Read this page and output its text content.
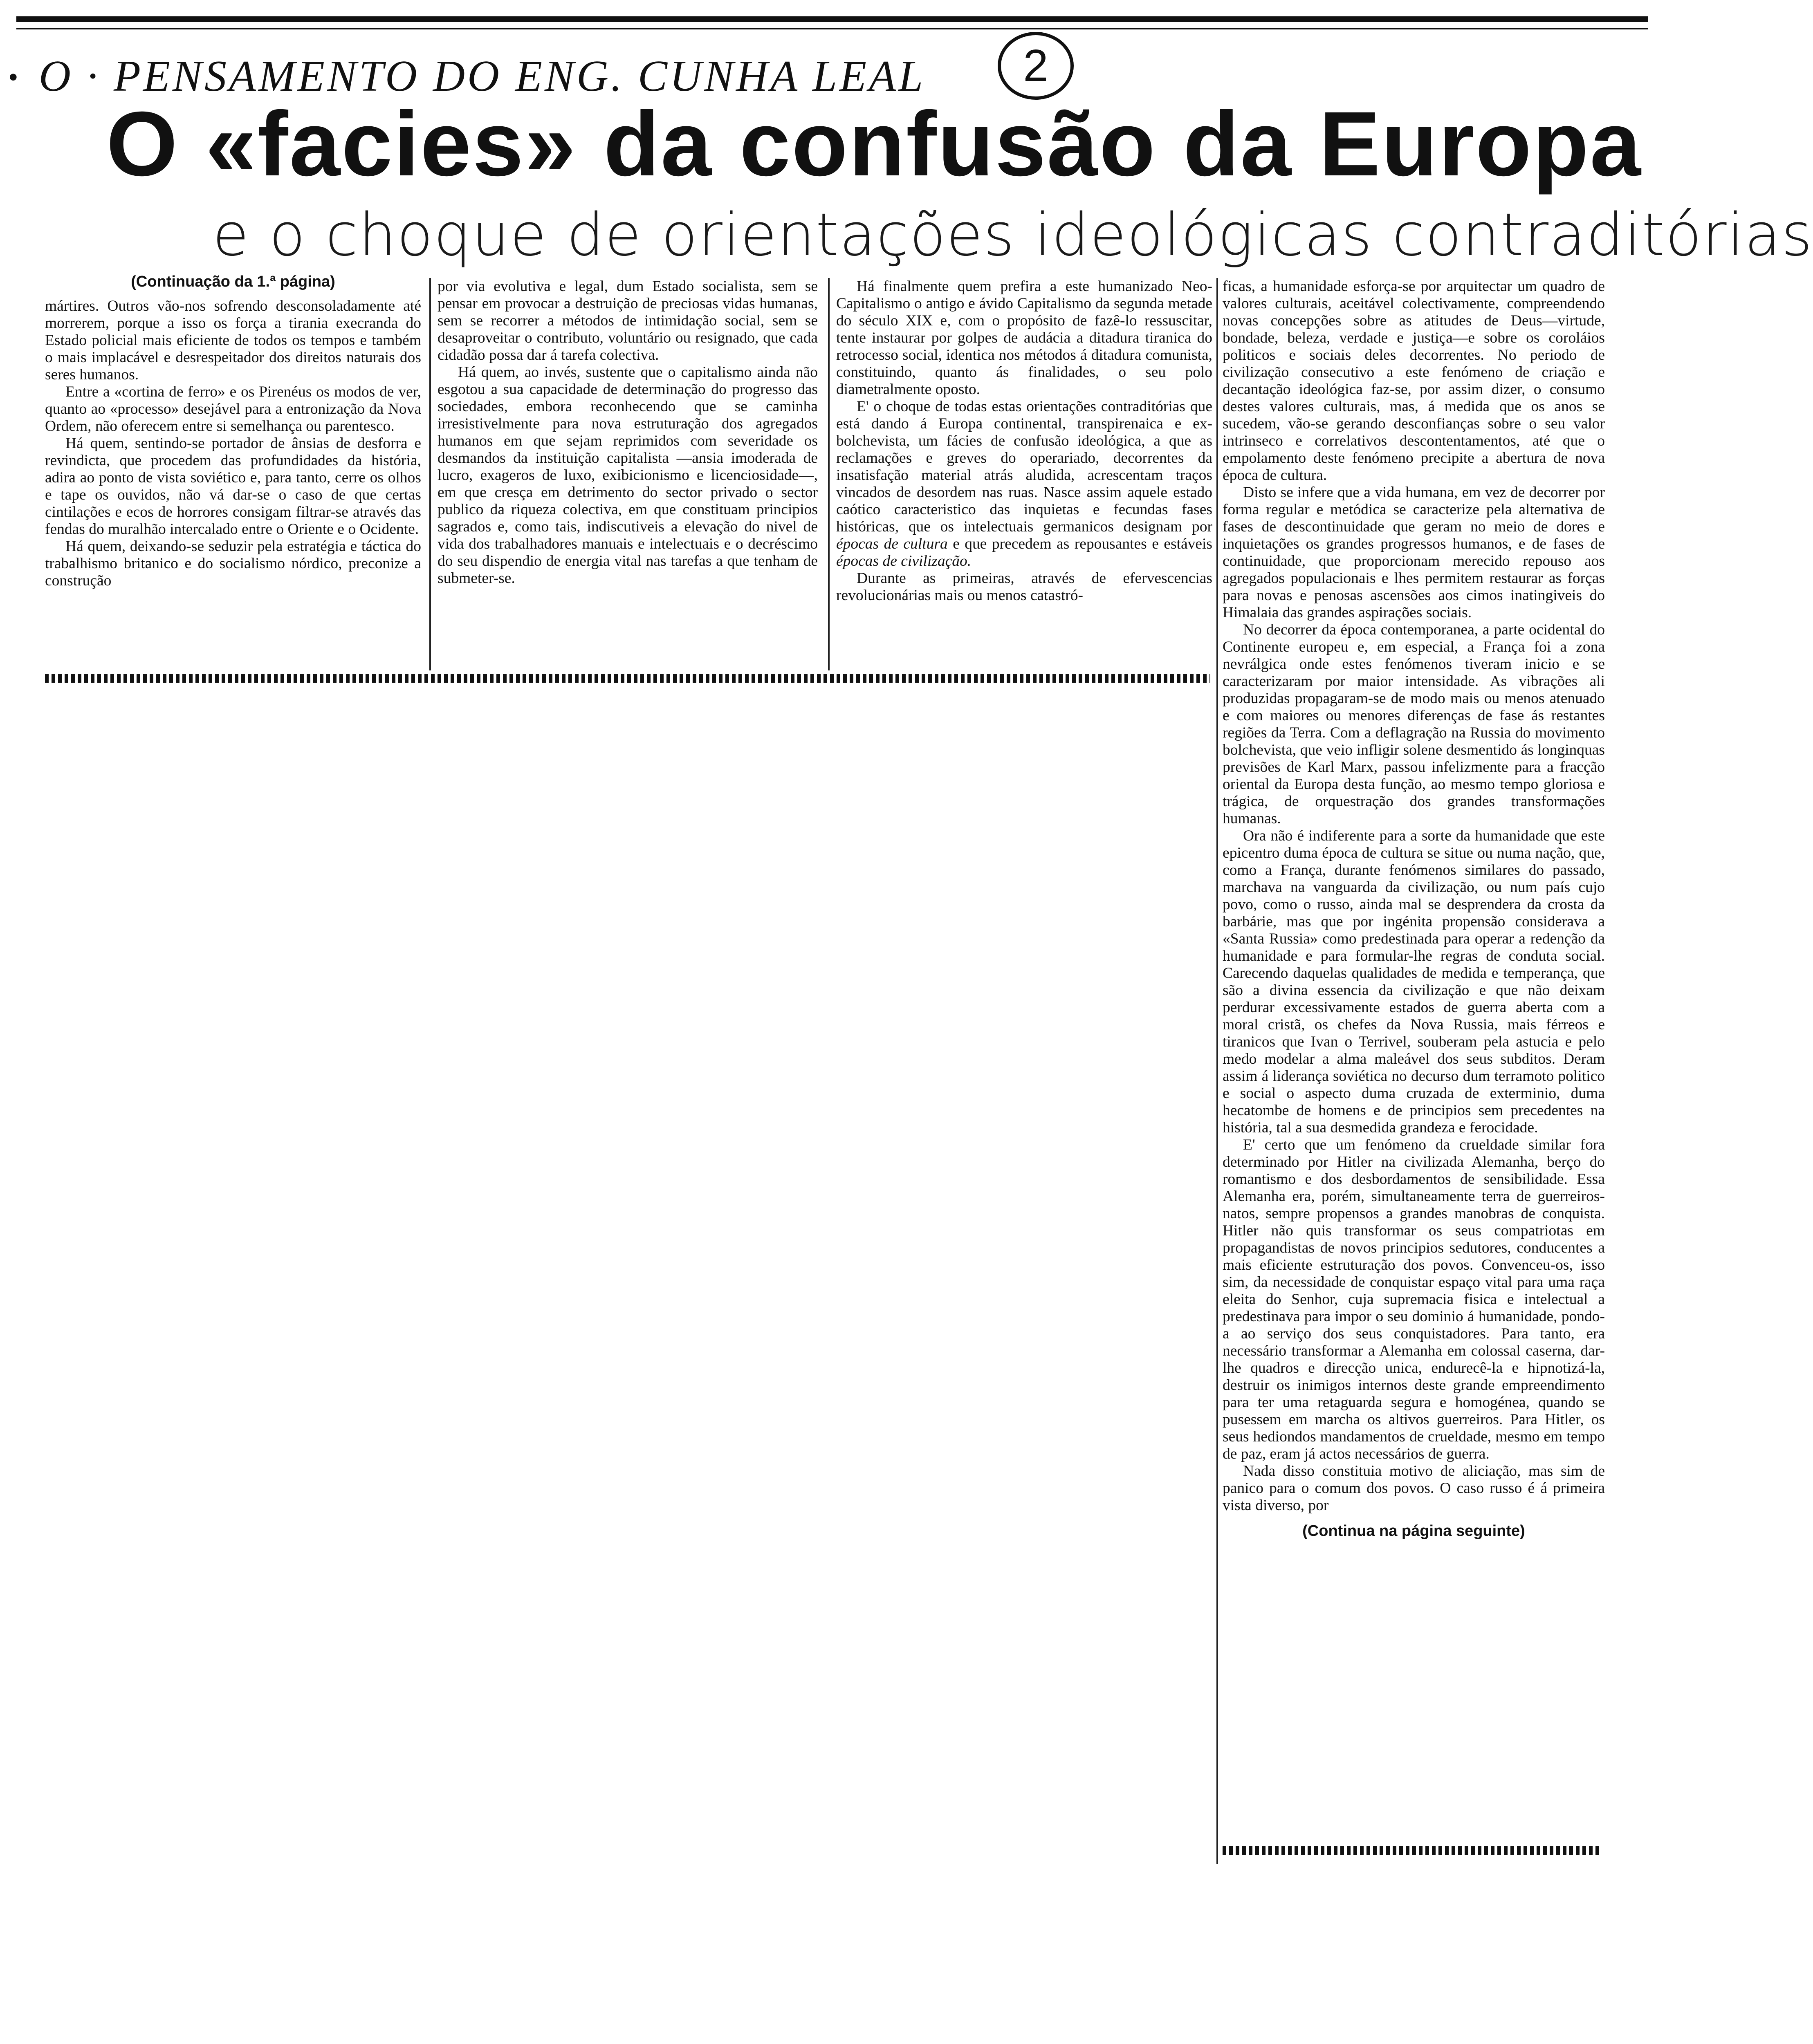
• O · PENSAMENTO DO ENG. CUNHA LEAL	2
O «facies» da confusão da Europa
e o choque de orientações ideológicas contraditórias

(Continuação da 1.ª página)

mártires. Outros vão-nos sofrendo desconsoladamente até morrerem, porque a isso os força a tirania execranda do Estado policial mais eficiente de todos os tempos e também o mais implacável e desrespeitador dos direitos naturais dos seres humanos.

Entre a «cortina de ferro» e os Pirenéus os modos de ver, quanto ao «processo» desejável para a entronização da Nova Ordem, não oferecem entre si semelhança ou parentesco.

Há quem, sentindo-se portador de ânsias de desforra e revindicta, que procedem das profundidades da história, adira ao ponto de vista soviético e, para tanto, cerre os olhos e tape os ouvidos, não vá dar-se o caso de que certas cintilações e ecos de horrores consigam filtrar-se através das fendas do muralhão intercalado entre o Oriente e o Ocidente.

Há quem, deixando-se seduzir pela estratégia e táctica do trabalhismo britanico e do socialismo nórdico, preconize a construção

por via evolutiva e legal, dum Estado socialista, sem se pensar em provocar a destruição de preciosas vidas humanas, sem se recorrer a métodos de intimidação social, sem se desaproveitar o contributo, voluntário ou resignado, que cada cidadão possa dar á tarefa colectiva.

Há quem, ao invés, sustente que o capitalismo ainda não esgotou a sua capacidade de determinação do progresso das sociedades, embora reconhecendo que se caminha irresistivelmente para nova estruturação dos agregados humanos em que sejam reprimidos com severidade os desmandos da instituição capitalista —ansia imoderada de lucro, exageros de luxo, exibicionismo e licenciosidade—, em que cresça em detrimento do sector privado o sector publico da riqueza colectiva, em que constituam principios sagrados e, como tais, indiscutiveis a elevação do nivel de vida dos trabalhadores manuais e intelectuais e o decréscimo do seu dispendio de energia vital nas tarefas a que tenham de submeter-se.

Há finalmente quem prefira a este humanizado Neo-Capitalismo o antigo e ávido Capitalismo da segunda metade do século XIX e, com o propósito de fazê-lo ressuscitar, tente instaurar por golpes de audácia a ditadura tiranica do retrocesso social, identica nos métodos á ditadura comunista, constituindo, quanto ás finalidades, o seu polo diametralmente oposto.

E' o choque de todas estas orientações contraditórias que está dando á Europa continental, transpirenaica e ex-bolchevista, um fácies de confusão ideológica, a que as reclamações e greves do operariado, decorrentes da insatisfação material atrás aludida, acrescentam traços vincados de desordem nas ruas. Nasce assim aquele estado caótico caracteristico das inquietas e fecundas fases históricas, que os intelectuais germanicos designam por épocas de cultura e que precedem as repousantes e estáveis épocas de civilização.

Durante as primeiras, através de efervescencias revolucionárias mais ou menos catastró-

ficas, a humanidade esforça-se por arquitectar um quadro de valores culturais, aceitável colectivamente, compreendendo novas concepções sobre as atitudes de Deus—virtude, bondade, beleza, verdade e justiça—e sobre os coroláios politicos e sociais deles decorrentes. No periodo de civilização consecutivo a este fenómeno de criação e decantação ideológica faz-se, por assim dizer, o consumo destes valores culturais, mas, á medida que os anos se sucedem, vão-se gerando desconfianças sobre o seu valor intrinseco e correlativos descontentamentos, até que o empolamento deste fenómeno precipite a abertura de nova época de cultura.

Disto se infere que a vida humana, em vez de decorrer por forma regular e metódica se caracterize pela alternativa de fases de descontinuidade que geram no meio de dores e inquietações os grandes progressos humanos, e de fases de continuidade, que proporcionam merecido repouso aos agregados populacionais e lhes permitem restaurar as forças para novas e penosas ascensões aos cimos inatingiveis do Himalaia das grandes aspirações sociais.

No decorrer da época contemporanea, a parte ocidental do Continente europeu e, em especial, a França foi a zona nevrálgica onde estes fenómenos tiveram inicio e se caracterizaram por maior intensidade. As vibrações ali produzidas propagaram-se de modo mais ou menos atenuado e com maiores ou menores diferenças de fase ás restantes regiões da Terra. Com a deflagração na Russia do movimento bolchevista, que veio infligir solene desmentido ás longinquas previsões de Karl Marx, passou infelizmente para a fracção oriental da Europa desta função, ao mesmo tempo gloriosa e trágica, de orquestração dos grandes transformações humanas.

Ora não é indiferente para a sorte da humanidade que este epicentro duma época de cultura se situe ou numa nação, que, como a França, durante fenómenos similares do passado, marchava na vanguarda da civilização, ou num país cujo povo, como o russo, ainda mal se desprendera da crosta da barbárie, mas que por ingénita propensão considerava a «Santa Russia» como predestinada para operar a redenção da humanidade e para formular-lhe regras de conduta social. Carecendo daquelas qualidades de medida e temperança, que são a divina essencia da civilização e que não deixam perdurar excessivamente estados de guerra aberta com a moral cristã, os chefes da Nova Russia, mais férreos e tiranicos que Ivan o Terrivel, souberam pela astucia e pelo medo modelar a alma maleável dos seus subditos. Deram assim á liderança soviética no decurso dum terramoto politico e social o aspecto duma cruzada de exterminio, duma hecatombe de homens e de principios sem precedentes na história, tal a sua desmedida grandeza e ferocidade.

E' certo que um fenómeno da crueldade similar fora determinado por Hitler na civilizada Alemanha, berço do romantismo e dos desbordamentos de sensibilidade. Essa Alemanha era, porém, simultaneamente terra de guerreiros-natos, sempre propensos a grandes manobras de conquista. Hitler não quis transformar os seus compatriotas em propagandistas de novos principios sedutores, conducentes a mais eficiente estruturação dos povos. Convenceu-os, isso sim, da necessidade de conquistar espaço vital para uma raça eleita do Senhor, cuja supremacia fisica e intelectual a predestinava para impor o seu dominio á humanidade, pondo-a ao serviço dos seus conquistadores. Para tanto, era necessário transformar a Alemanha em colossal caserna, dar-lhe quadros e direcção unica, endurecê-la e hipnotizá-la, destruir os inimigos internos deste grande empreendimento para ter uma retaguarda segura e homogénea, quando se pusessem em marcha os altivos guerreiros. Para Hitler, os seus hediondos mandamentos de crueldade, mesmo em tempo de paz, eram já actos necessários de guerra.

Nada disso constituia motivo de aliciação, mas sim de panico para o comum dos povos. O caso russo é á primeira vista diverso, por

(Continua na página seguinte)
